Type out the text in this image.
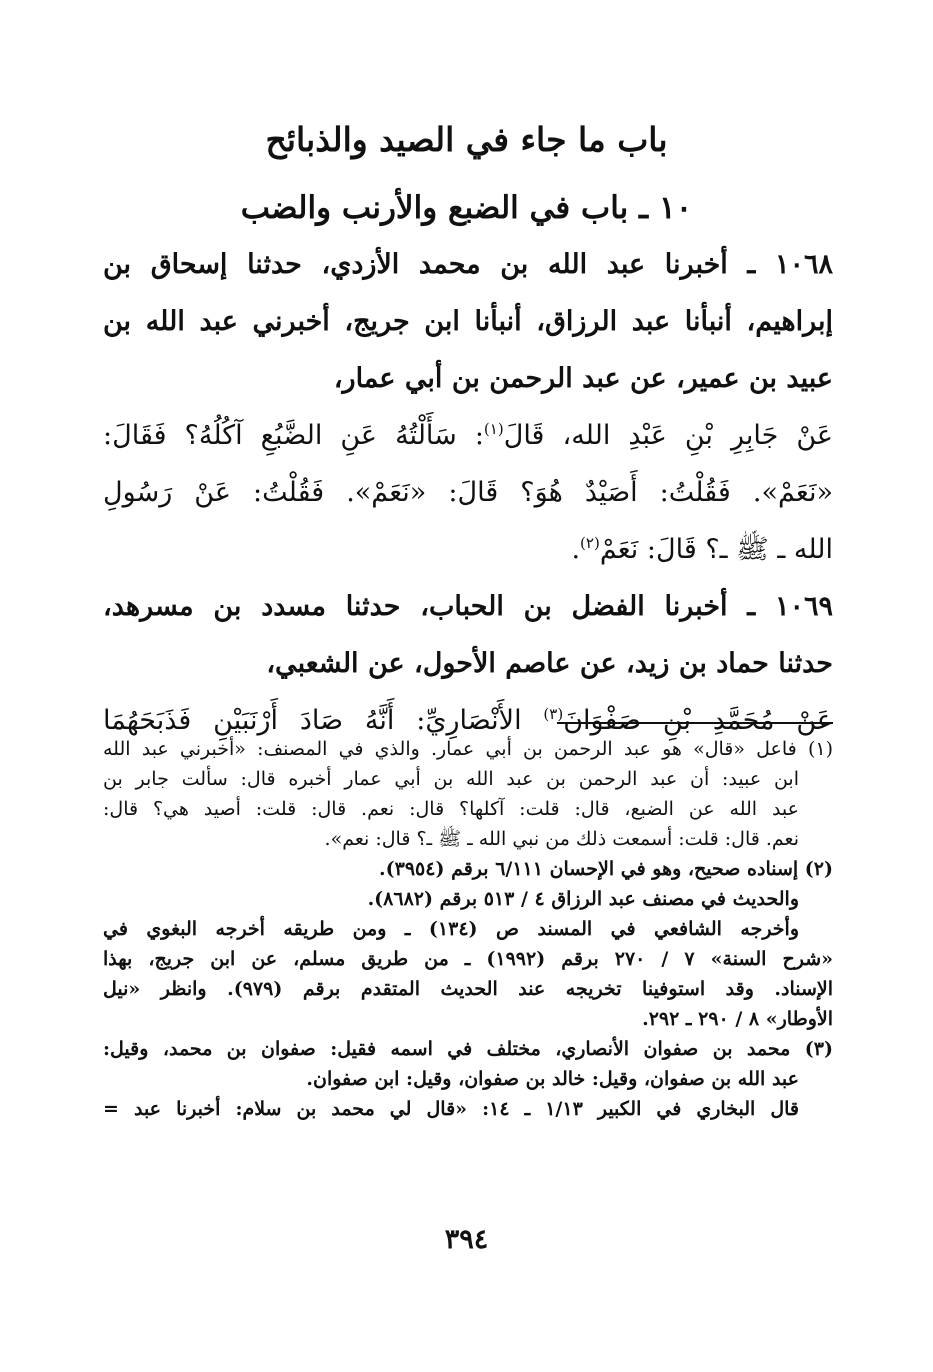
باب ما جاء في الصيد والذبائح
١٠ ـ باب في الضبع والأرنب والضب
١٠٦٨ ـ أخبرنا عبد الله بن محمد الأزدي، حدثنا إسحاق بن
إبراهيم، أنبأنا عبد الرزاق، أنبأنا ابن جريج، أخبرني عبد الله بن
عبيد بن عمير، عن عبد الرحمن بن أبي عمار،
عَنْ جَابِرِ بْنِ عَبْدِ الله، قَالَ$^{(١)}$: سَأَلْتُهُ عَنِ الضَّبُعِ آكُلُهُ؟ فَقَالَ:
«نَعَمْ». فَقُلْتُ: أَصَيْدٌ هُوَ؟ قَالَ: «نَعَمْ». فَقُلْتُ: عَنْ رَسُولِ
الله ـ ﷺ ـ؟ قَالَ: نَعَمْ$^{(٢)}$.
١٠٦٩ ـ أخبرنا الفضل بن الحباب، حدثنا مسدد بن مسرهد،
حدثنا حماد بن زيد، عن عاصم الأحول، عن الشعبي،
عَنْ مُحَمَّدِ بْنِ صَفْوَانَ$^{(٣)}$ الأَنْصَارِيِّ: أَنَّهُ صَادَ أَرْنَبَيْنِ فَذَبَحَهُمَا
(١) فاعل «قال» هو عبد الرحمن بن أبي عمار. والذي في المصنف: «أخبرني عبد الله
ابن عبيد: أن عبد الرحمن بن عبد الله بن أبي عمار أخبره قال: سألت جابر بن
عبد الله عن الضبع، قال: قلت: آكلها؟ قال: نعم. قال: قلت: أصيد هي؟ قال:
نعم. قال: قلت: أسمعت ذلك من نبي الله ـ ﷺ ـ؟ قال: نعم».
(٢) إسناده صحيح، وهو في الإحسان ٦/١١١ برقم (٣٩٥٤).
والحديث في مصنف عبد الرزاق ٤ / ٥١٣ برقم (٨٦٨٢).
وأخرجه الشافعي في المسند ص (١٣٤) ـ ومن طريقه أخرجه البغوي في
«شرح السنة» ٧ / ٢٧٠ برقم (١٩٩٢) ـ من طريق مسلم، عن ابن جريج، بهذا
الإسناد. وقد استوفينا تخريجه عند الحديث المتقدم برقم (٩٧٩). وانظر «نيل
الأوطار» ٨ / ٢٩٠ ـ ٢٩٢.
(٣) محمد بن صفوان الأنصاري، مختلف في اسمه فقيل: صفوان بن محمد، وقيل:
عبد الله بن صفوان، وقيل: خالد بن صفوان، وقيل: ابن صفوان.
قال البخاري في الكبير ١/١٣ ـ ١٤: «قال لي محمد بن سلام: أخبرنا عبد =
٣٩٤
